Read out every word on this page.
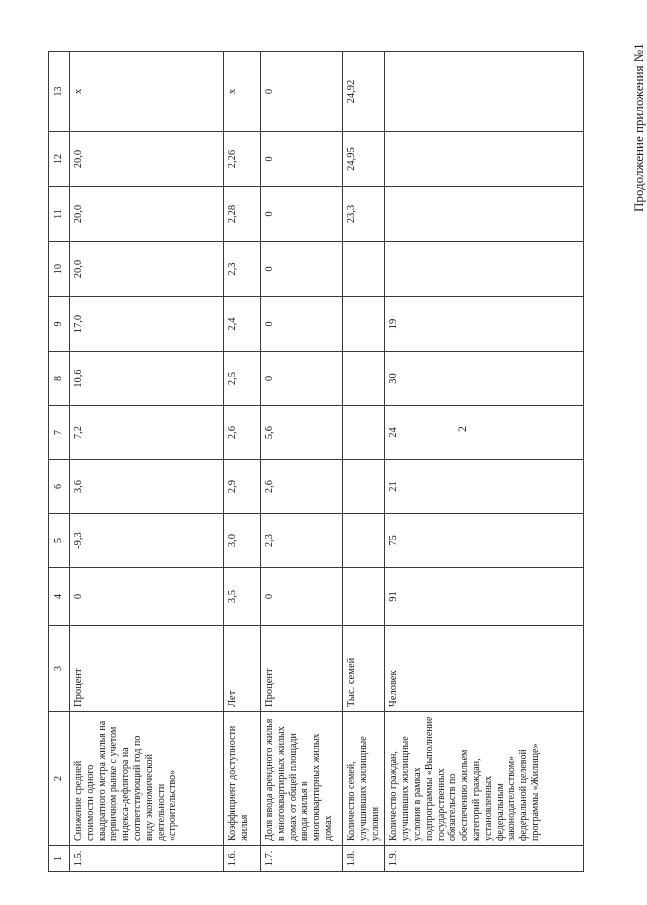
1	2	3	4	5	6	7	8	9	10	11	12	13
1.5.	Снижение средней стоимости одного квадратного метра жилья на первичном рынке с учетом индекса-дефлятора на соответствующий год по виду экономической деятельности «строительство»	Процент	0	-9,3	3,6	7,2	10,6	17,0	20,0	20,0	20,0	x
1.6.	Коэффициент доступности жилья	Лет	3,5	3,0	2,9	2,6	2,5	2,4	2,3	2,28	2,26	x
1.7.	Доля ввода арендного жилья в многоквартирных жилых домах от общей площади ввода жилья в многоквартирных жилых домах	Процент	0	2,3	2,6	5,6	0	0	0	0	0	0
1.8.	Количество семей, улучшивших жилищные условия	Тыс. семей								23,3	24,95	24,92
1.9.	Количество граждан, улучшивших жилищные условия в рамках подпрограммы «Выполнение государственных обязательств по обеспечению жильем категорий граждан, установленных федеральным законодательством» федеральной целевой программы «Жилище»	Человек	91	75	21	24	30	19				
2
Продолжение приложения №1
